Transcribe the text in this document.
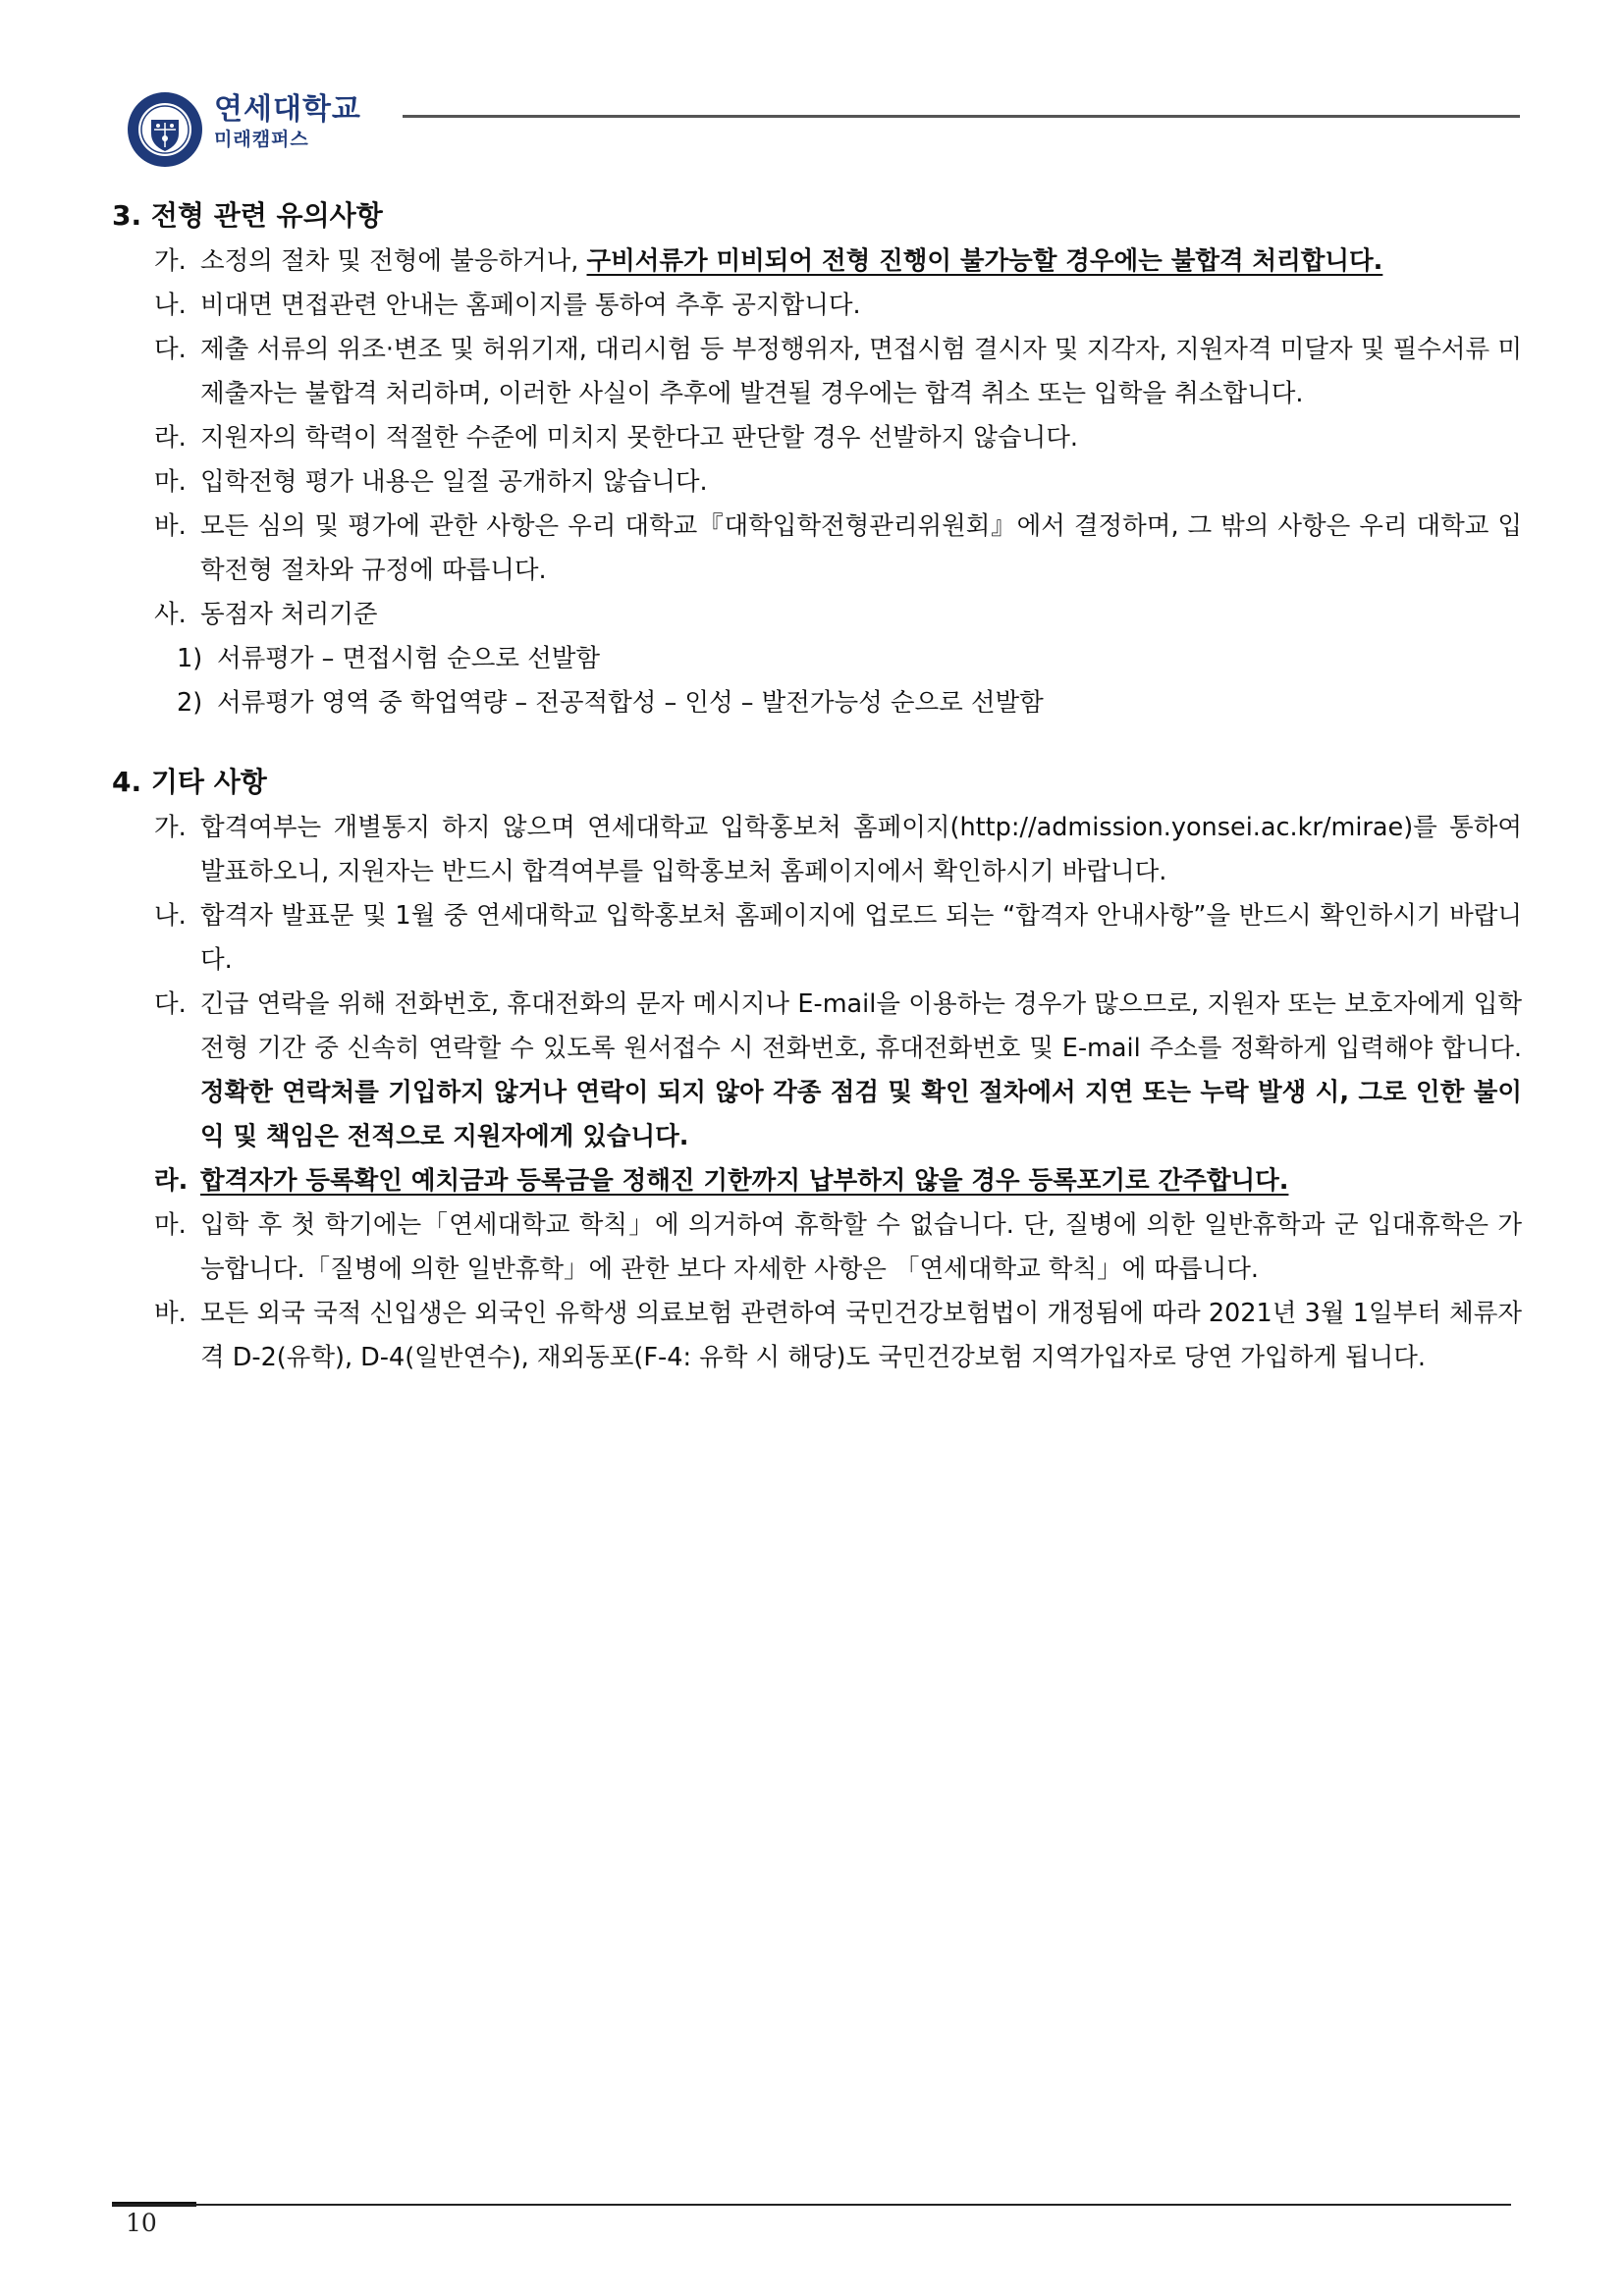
연세대학교
미래캠퍼스
3. 전형 관련 유의사항
가. 소정의 절차 및 전형에 불응하거나, 구비서류가 미비되어 전형 진행이 불가능할 경우에는 불합격 처리합니다.
나. 비대면 면접관련 안내는 홈페이지를 통하여 추후 공지합니다.
다. 제출 서류의 위조·변조 및 허위기재, 대리시험 등 부정행위자, 면접시험 결시자 및 지각자, 지원자격 미달자 및 필수서류 미제출자는 불합격 처리하며, 이러한 사실이 추후에 발견될 경우에는 합격 취소 또는 입학을 취소합니다.
라. 지원자의 학력이 적절한 수준에 미치지 못한다고 판단할 경우 선발하지 않습니다.
마. 입학전형 평가 내용은 일절 공개하지 않습니다.
바. 모든 심의 및 평가에 관한 사항은 우리 대학교『대학입학전형관리위원회』에서 결정하며, 그 밖의 사항은 우리 대학교 입학전형 절차와 규정에 따릅니다.
사. 동점자 처리기준
1) 서류평가 – 면접시험 순으로 선발함
2) 서류평가 영역 중 학업역량 – 전공적합성 – 인성 – 발전가능성 순으로 선발함
4. 기타 사항
가. 합격여부는 개별통지 하지 않으며 연세대학교 입학홍보처 홈페이지(http://admission.yonsei.ac.kr/mirae)를 통하여 발표하오니, 지원자는 반드시 합격여부를 입학홍보처 홈페이지에서 확인하시기 바랍니다.
나. 합격자 발표문 및 1월 중 연세대학교 입학홍보처 홈페이지에 업로드 되는 “합격자 안내사항”을 반드시 확인하시기 바랍니다.
다. 긴급 연락을 위해 전화번호, 휴대전화의 문자 메시지나 E-mail을 이용하는 경우가 많으므로, 지원자 또는 보호자에게 입학전형 기간 중 신속히 연락할 수 있도록 원서접수 시 전화번호, 휴대전화번호 및 E-mail 주소를 정확하게 입력해야 합니다. 정확한 연락처를 기입하지 않거나 연락이 되지 않아 각종 점검 및 확인 절차에서 지연 또는 누락 발생 시, 그로 인한 불이익 및 책임은 전적으로 지원자에게 있습니다.
라. 합격자가 등록확인 예치금과 등록금을 정해진 기한까지 납부하지 않을 경우 등록포기로 간주합니다.
마. 입학 후 첫 학기에는「연세대학교 학칙」에 의거하여 휴학할 수 없습니다. 단, 질병에 의한 일반휴학과 군 입대휴학은 가능합니다.「질병에 의한 일반휴학」에 관한 보다 자세한 사항은 「연세대학교 학칙」에 따릅니다.
바. 모든 외국 국적 신입생은 외국인 유학생 의료보험 관련하여 국민건강보험법이 개정됨에 따라 2021년 3월 1일부터 체류자격 D-2(유학), D-4(일반연수), 재외동포(F-4: 유학 시 해당)도 국민건강보험 지역가입자로 당연 가입하게 됩니다.
10
